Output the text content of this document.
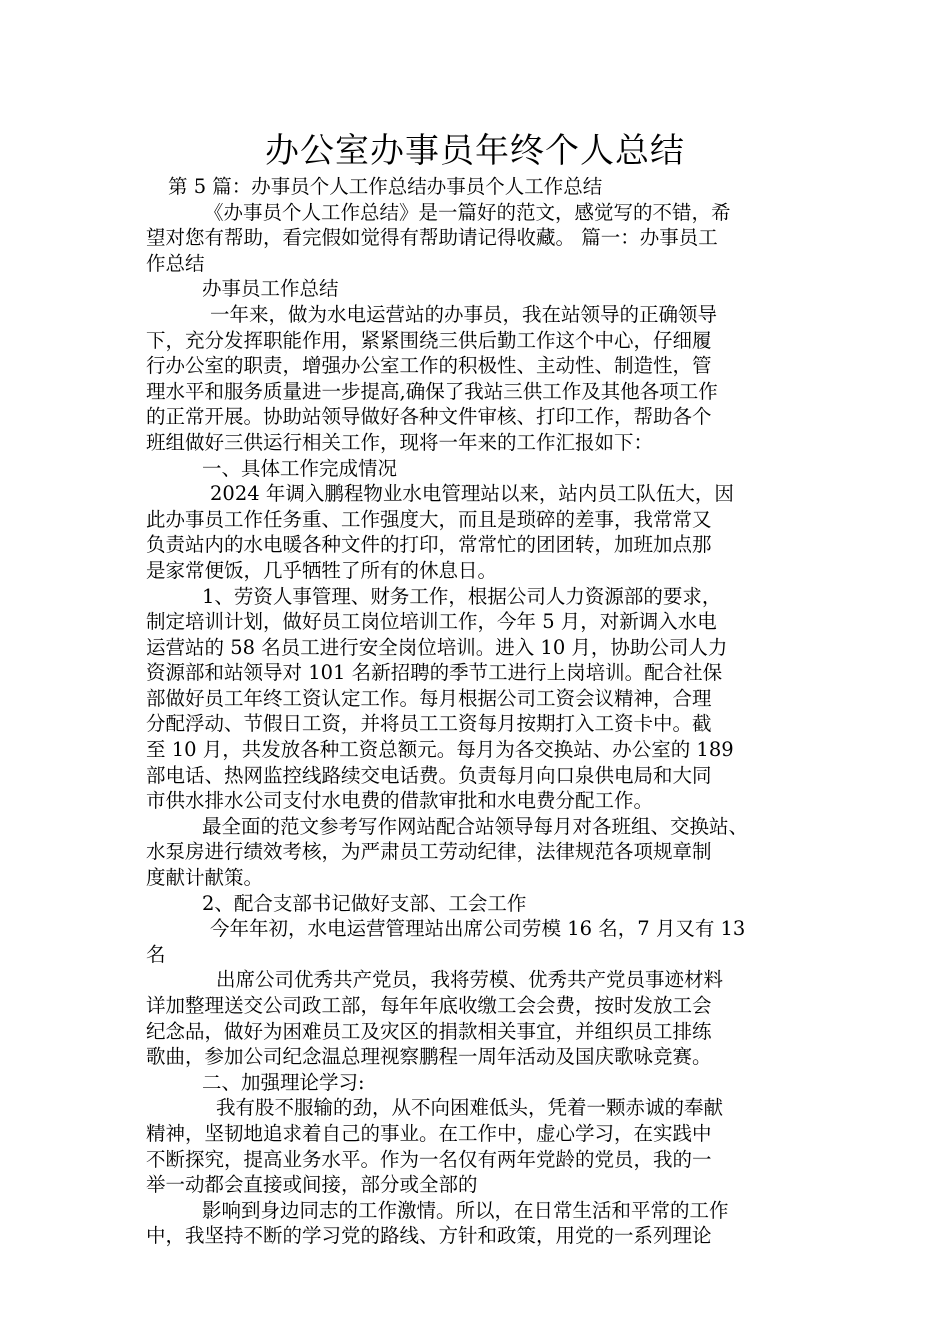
办公室办事员年终个人总结

第 5 篇：办事员个人工作总结办事员个人工作总结

《办事员个人工作总结》是一篇好的范文，感觉写的不错，希

望对您有帮助，看完假如觉得有帮助请记得收藏。 篇一：办事员工

作总结

办事员工作总结

一年来，做为水电运营站的办事员，我在站领导的正确领导

下，充分发挥职能作用，紧紧围绕三供后勤工作这个中心，仔细履

行办公室的职责，增强办公室工作的积极性、主动性、制造性，管

理水平和服务质量进一步提高,确保了我站三供工作及其他各项工作

的正常开展。协助站领导做好各种文件审核、打印工作，帮助各个

班组做好三供运行相关工作，现将一年来的工作汇报如下：

一、具体工作完成情况

2024 年调入鹏程物业水电管理站以来，站内员工队伍大，因

此办事员工作任务重、工作强度大，而且是琐碎的差事，我常常又

负责站内的水电暖各种文件的打印，常常忙的团团转，加班加点那

是家常便饭，几乎牺牲了所有的休息日。

1、劳资人事管理、财务工作，根据公司人力资源部的要求，

制定培训计划，做好员工岗位培训工作，今年 5 月，对新调入水电

运营站的 58 名员工进行安全岗位培训。进入 10 月，协助公司人力

资源部和站领导对 101 名新招聘的季节工进行上岗培训。配合社保

部做好员工年终工资认定工作。每月根据公司工资会议精神，合理

分配浮动、节假日工资，并将员工工资每月按期打入工资卡中。截

至 10 月，共发放各种工资总额元。每月为各交换站、办公室的 189

部电话、热网监控线路续交电话费。负责每月向口泉供电局和大同

市供水排水公司支付水电费的借款审批和水电费分配工作。

最全面的范文参考写作网站配合站领导每月对各班组、交换站、

水泵房进行绩效考核，为严肃员工劳动纪律，法律规范各项规章制

度献计献策。

2、配合支部书记做好支部、工会工作

今年年初，水电运营管理站出席公司劳模 16 名，7 月又有 13

名

出席公司优秀共产党员，我将劳模、优秀共产党员事迹材料

详加整理送交公司政工部，每年年底收缴工会会费，按时发放工会

纪念品，做好为困难员工及灾区的捐款相关事宜，并组织员工排练

歌曲，参加公司纪念温总理视察鹏程一周年活动及国庆歌咏竞赛。

二、加强理论学习:

我有股不服输的劲，从不向困难低头，凭着一颗赤诚的奉献

精神，坚韧地追求着自己的事业。在工作中，虚心学习，在实践中

不断探究，提高业务水平。作为一名仅有两年党龄的党员，我的一

举一动都会直接或间接，部分或全部的

影响到身边同志的工作激情。所以，在日常生活和平常的工作

中，我坚持不断的学习党的路线、方针和政策，用党的一系列理论
